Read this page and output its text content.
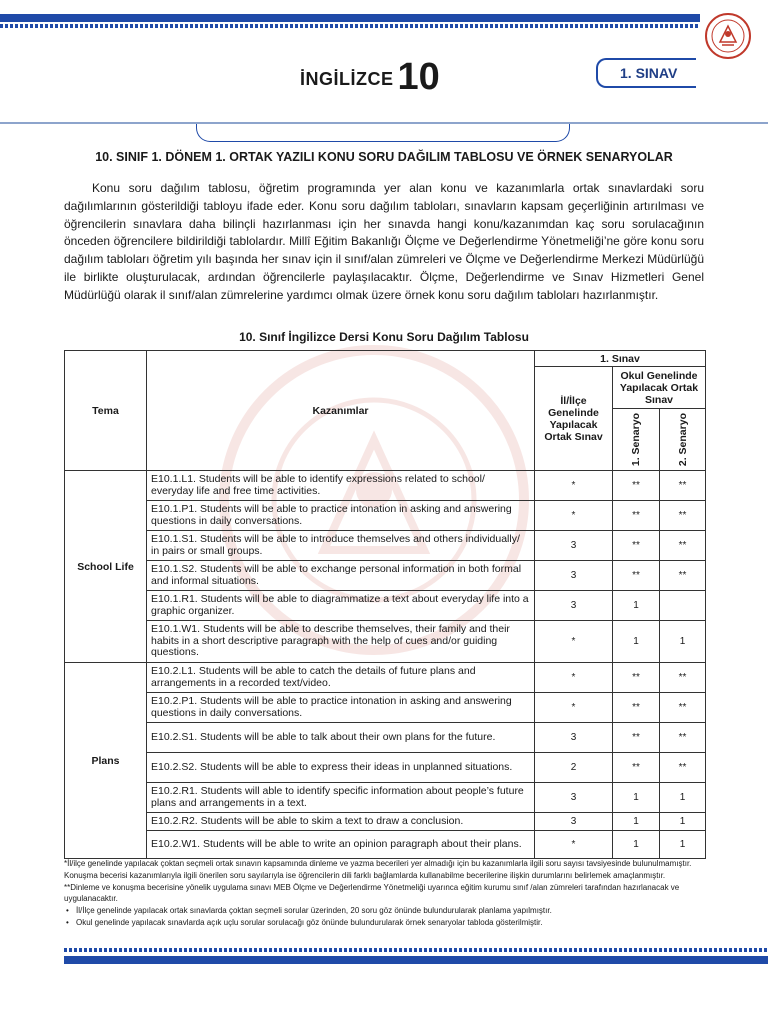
İNGİLİZCE 10	1. SINAV
10. SINIF 1. DÖNEM 1. ORTAK YAZILI KONU SORU DAĞILIM TABLOSU VE ÖRNEK SENARYOLAR

Konu soru dağılım tablosu, öğretim programında yer alan konu ve kazanımlarla ortak sınavlardaki soru dağılımlarının gösterildiği tabloyu ifade eder. Konu soru dağılım tabloları, sınavların kapsam geçerliğinin artırılması ve öğrencilerin sınavlara daha bilinçli hazırlanması için her sınavda hangi konu/kazanımdan kaç soru sorulacağının önceden öğrencilere bildirildiği tablolardır. Millî Eğitim Bakanlığı Ölçme ve Değerlendirme Yönetmeliği’ne göre konu soru dağılım tabloları öğretim yılı başında her sınav için il sınıf/alan zümreleri ve Ölçme ve Değerlendirme Merkezi Müdürlüğü ile birlikte oluşturulacak, ardından öğrencilerle paylaşılacaktır. Ölçme, Değerlendirme ve Sınav Hizmetleri Genel Müdürlüğü olarak il sınıf/alan zümrelerine yardımcı olmak üzere örnek konu soru dağılım tabloları hazırlanmıştır.

10. Sınıf İngilizce Dersi Konu Soru Dağılım Tablosu
Tema	Kazanımlar	1. Sınav		
		İl/İlçe Genelinde Yapılacak Ortak Sınav	Okul Genelinde Yapılacak Ortak Sınav	

			1. Senaryo	2. Senaryo

School Life	E10.1.L1. Students will be able to identify expressions related to school/ everyday life and free time activities.	*	**	**
	E10.1.P1. Students will be able to practice intonation in asking and answering questions in daily conversations.	*	**	**
	E10.1.S1. Students will be able to introduce themselves and others individually/ in pairs or small groups.	3	**	**
	E10.1.S2. Students will be able to exchange personal information in both formal and informal situations.	3	**	**
	E10.1.R1. Students will be able to diagrammatize a text about everyday life into a graphic organizer.	3	1	
	E10.1.W1. Students will be able to describe themselves, their family and their habits in a short descriptive paragraph with the help of cues and/or guiding questions.	*	1	1
Plans	E10.2.L1. Students will be able to catch the details of future plans and arrangements in a recorded text/video.	*	**	**
	E10.2.P1. Students will be able to practice intonation in asking and answering questions in daily conversations.	*	**	**
	E10.2.S1. Students will be able to talk about their own plans for the future.	3	**	**
	E10.2.S2. Students will be able to express their ideas in unplanned situations.	2	**	**
	E10.2.R1. Students will able to identify specific information about people’s future plans and arrangements in a text.	3	1	1
	E10.2.R2. Students will be able to skim a text to draw a conclusion.	3	1	1
	E10.2.W1. Students will be able to write an opinion paragraph about their plans.	*	1	1

*İl/ilçe genelinde yapılacak çoktan seçmeli ortak sınavın kapsamında dinleme ve yazma becerileri yer almadığı için bu kazanımlarla ilgili soru sayısı tavsiyesinde bulunulmamıştır. Konuşma becerisi kazanımlarıyla ilgili önerilen soru sayılarıyla ise öğrencilerin dili farklı bağlamlarda kullanabilme becerilerine ilişkin durumlarını belirlemek amaçlanmıştır.

**Dinleme ve konuşma becerisine yönelik uygulama sınavı MEB Ölçme ve Değerlendirme Yönetmeliği uyarınca eğitim kurumu sınıf /alan zümreleri tarafından hazırlanacak ve uygulanacaktır.

• İl/İlçe genelinde yapılacak ortak sınavlarda çoktan seçmeli sorular üzerinden, 20 soru göz önünde bulundurularak planlama yapılmıştır.

• Okul genelinde yapılacak sınavlarda açık uçlu sorular sorulacağı göz önünde bulundurularak örnek senaryolar tabloda gösterilmiştir.
